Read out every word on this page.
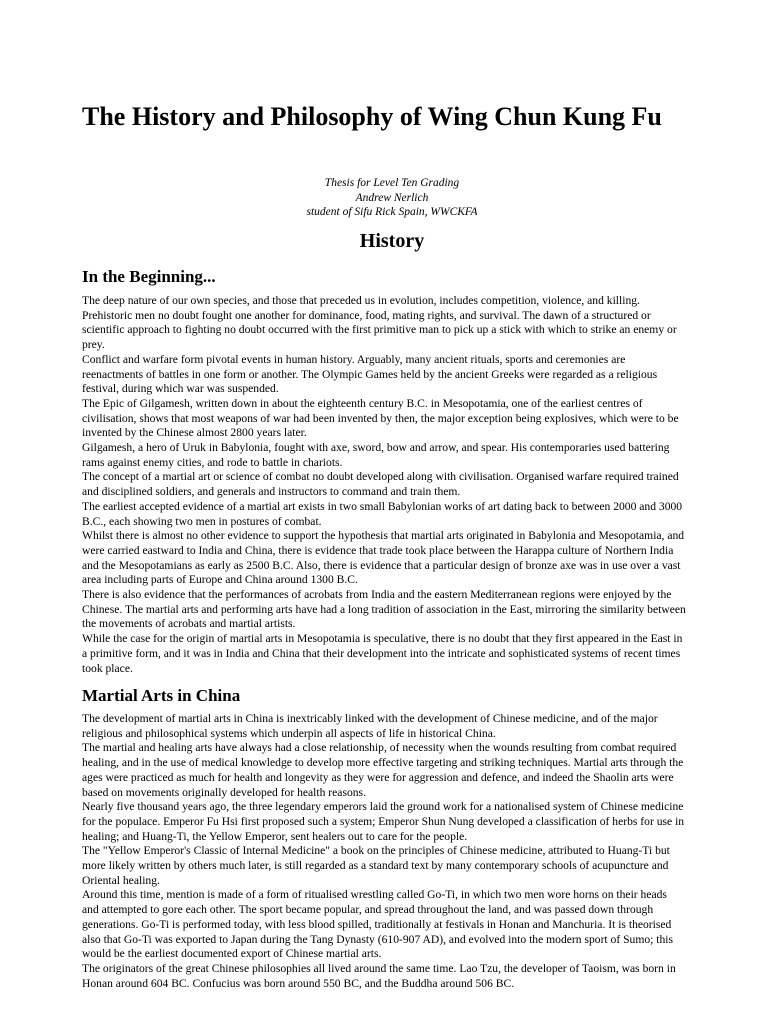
The History and Philosophy of Wing Chun Kung Fu
Thesis for Level Ten Grading
Andrew Nerlich
student of Sifu Rick Spain, WWCKFA
History
In the Beginning...

The deep nature of our own species, and those that preceded us in evolution, includes competition, violence, and killing. Prehistoric men no doubt fought one another for dominance, food, mating rights, and survival. The dawn of a structured or scientific approach to fighting no doubt occurred with the first primitive man to pick up a stick with which to strike an enemy or prey.

Conflict and warfare form pivotal events in human history. Arguably, many ancient rituals, sports and ceremonies are reenactments of battles in one form or another. The Olympic Games held by the ancient Greeks were regarded as a religious festival, during which war was suspended.

The Epic of Gilgamesh, written down in about the eighteenth century B.C. in Mesopotamia, one of the earliest centres of civilisation, shows that most weapons of war had been invented by then, the major exception being explosives, which were to be invented by the Chinese almost 2800 years later.

Gilgamesh, a hero of Uruk in Babylonia, fought with axe, sword, bow and arrow, and spear. His contemporaries used battering rams against enemy cities, and rode to battle in chariots.

The concept of a martial art or science of combat no doubt developed along with civilisation. Organised warfare required trained and disciplined soldiers, and generals and instructors to command and train them.

The earliest accepted evidence of a martial art exists in two small Babylonian works of art dating back to between 2000 and 3000 B.C., each showing two men in postures of combat.

Whilst there is almost no other evidence to support the hypothesis that martial arts originated in Babylonia and Mesopotamia, and were carried eastward to India and China, there is evidence that trade took place between the Harappa culture of Northern India and the Mesopotamians as early as 2500 B.C. Also, there is evidence that a particular design of bronze axe was in use over a vast area including parts of Europe and China around 1300 B.C.

There is also evidence that the performances of acrobats from India and the eastern Mediterranean regions were enjoyed by the Chinese. The martial arts and performing arts have had a long tradition of association in the East, mirroring the similarity between the movements of acrobats and martial artists.

While the case for the origin of martial arts in Mesopotamia is speculative, there is no doubt that they first appeared in the East in a primitive form, and it was in India and China that their development into the intricate and sophisticated systems of recent times took place.

Martial Arts in China

The development of martial arts in China is inextricably linked with the development of Chinese medicine, and of the major religious and philosophical systems which underpin all aspects of life in historical China.

The martial and healing arts have always had a close relationship, of necessity when the wounds resulting from combat required healing, and in the use of medical knowledge to develop more effective targeting and striking techniques. Martial arts through the ages were practiced as much for health and longevity as they were for aggression and defence, and indeed the Shaolin arts were based on movements originally developed for health reasons.

Nearly five thousand years ago, the three legendary emperors laid the ground work for a nationalised system of Chinese medicine for the populace. Emperor Fu Hsi first proposed such a system; Emperor Shun Nung developed a classification of herbs for use in healing; and Huang-Ti, the Yellow Emperor, sent healers out to care for the people.

The "Yellow Emperor's Classic of Internal Medicine" a book on the principles of Chinese medicine, attributed to Huang-Ti but more likely written by others much later, is still regarded as a standard text by many contemporary schools of acupuncture and Oriental healing.

Around this time, mention is made of a form of ritualised wrestling called Go-Ti, in which two men wore horns on their heads and attempted to gore each other. The sport became popular, and spread throughout the land, and was passed down through generations. Go-Ti is performed today, with less blood spilled, traditionally at festivals in Honan and Manchuria. It is theorised also that Go-Ti was exported to Japan during the Tang Dynasty (610-907 AD), and evolved into the modern sport of Sumo; this would be the earliest documented export of Chinese martial arts.

The originators of the great Chinese philosophies all lived around the same time. Lao Tzu, the developer of Taoism, was born in Honan around 604 BC. Confucius was born around 550 BC, and the Buddha around 506 BC.
